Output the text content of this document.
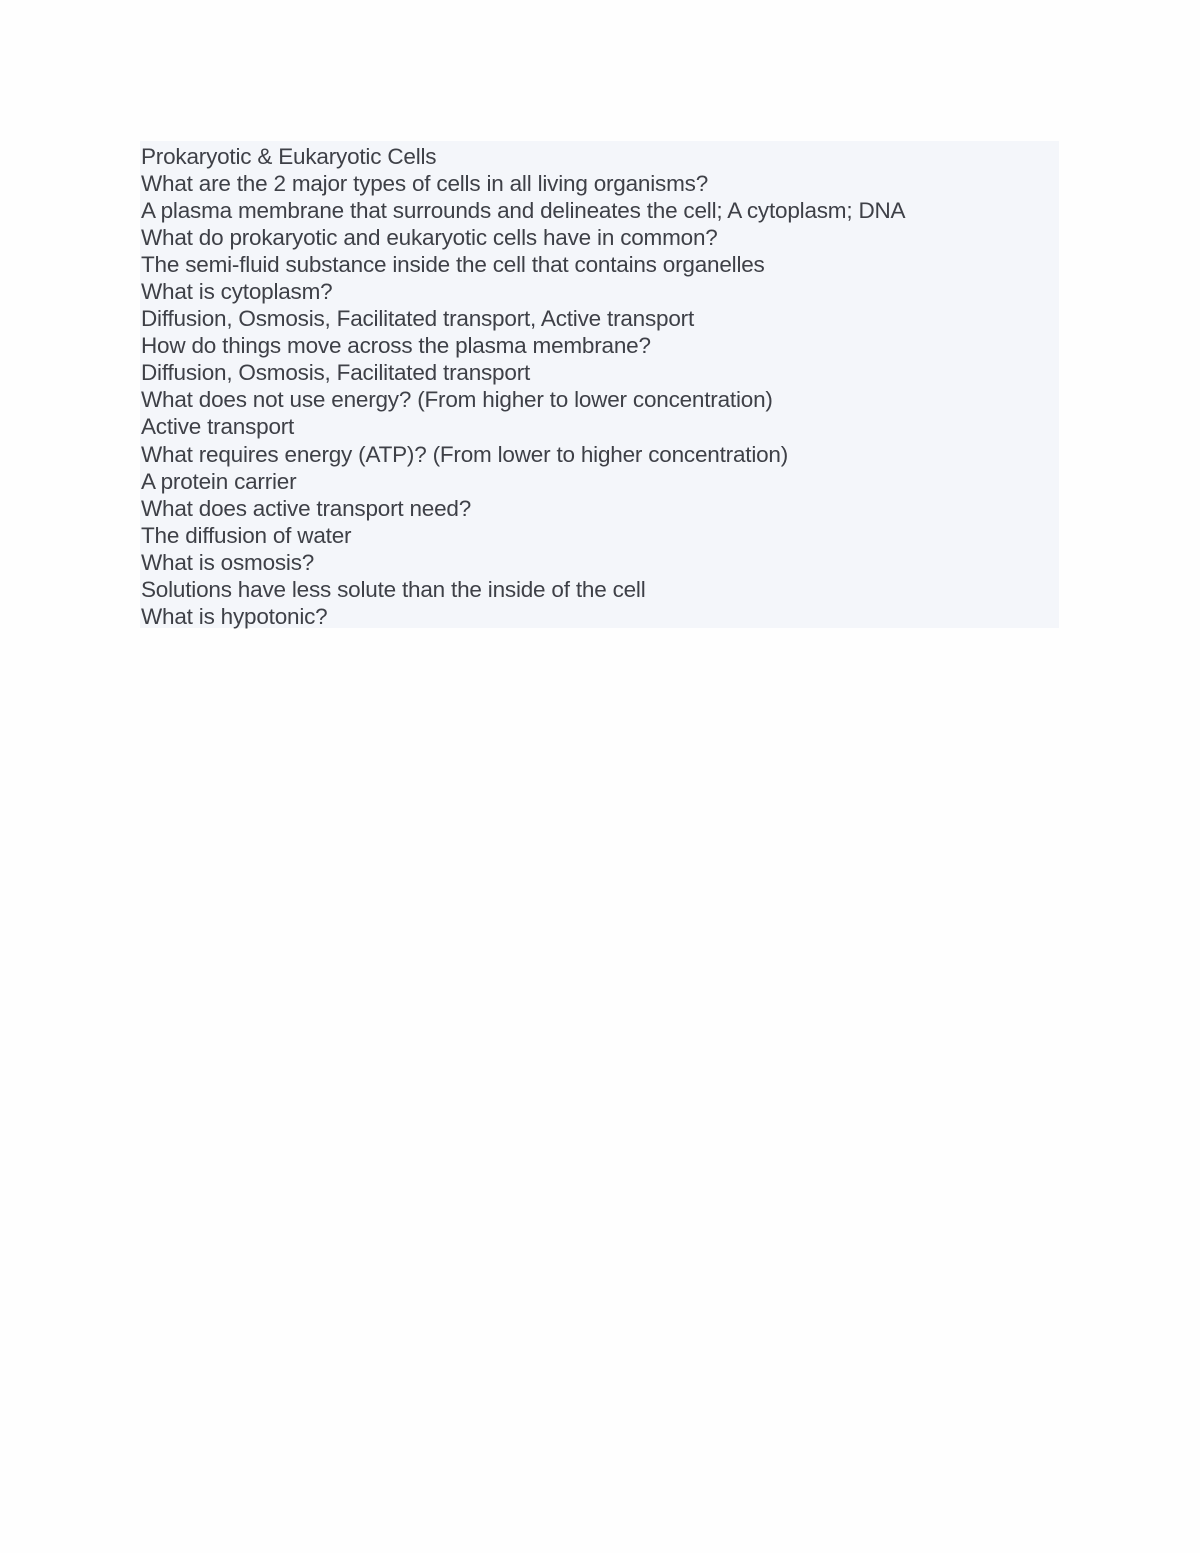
Prokaryotic & Eukaryotic Cells
What are the 2 major types of cells in all living organisms?
A plasma membrane that surrounds and delineates the cell; A cytoplasm; DNA
What do prokaryotic and eukaryotic cells have in common?
The semi-fluid substance inside the cell that contains organelles
What is cytoplasm?
Diffusion, Osmosis, Facilitated transport, Active transport
How do things move across the plasma membrane?
Diffusion, Osmosis, Facilitated transport
What does not use energy? (From higher to lower concentration)
Active transport
What requires energy (ATP)? (From lower to higher concentration)
A protein carrier
What does active transport need?
The diffusion of water
What is osmosis?
Solutions have less solute than the inside of the cell
What is hypotonic?
